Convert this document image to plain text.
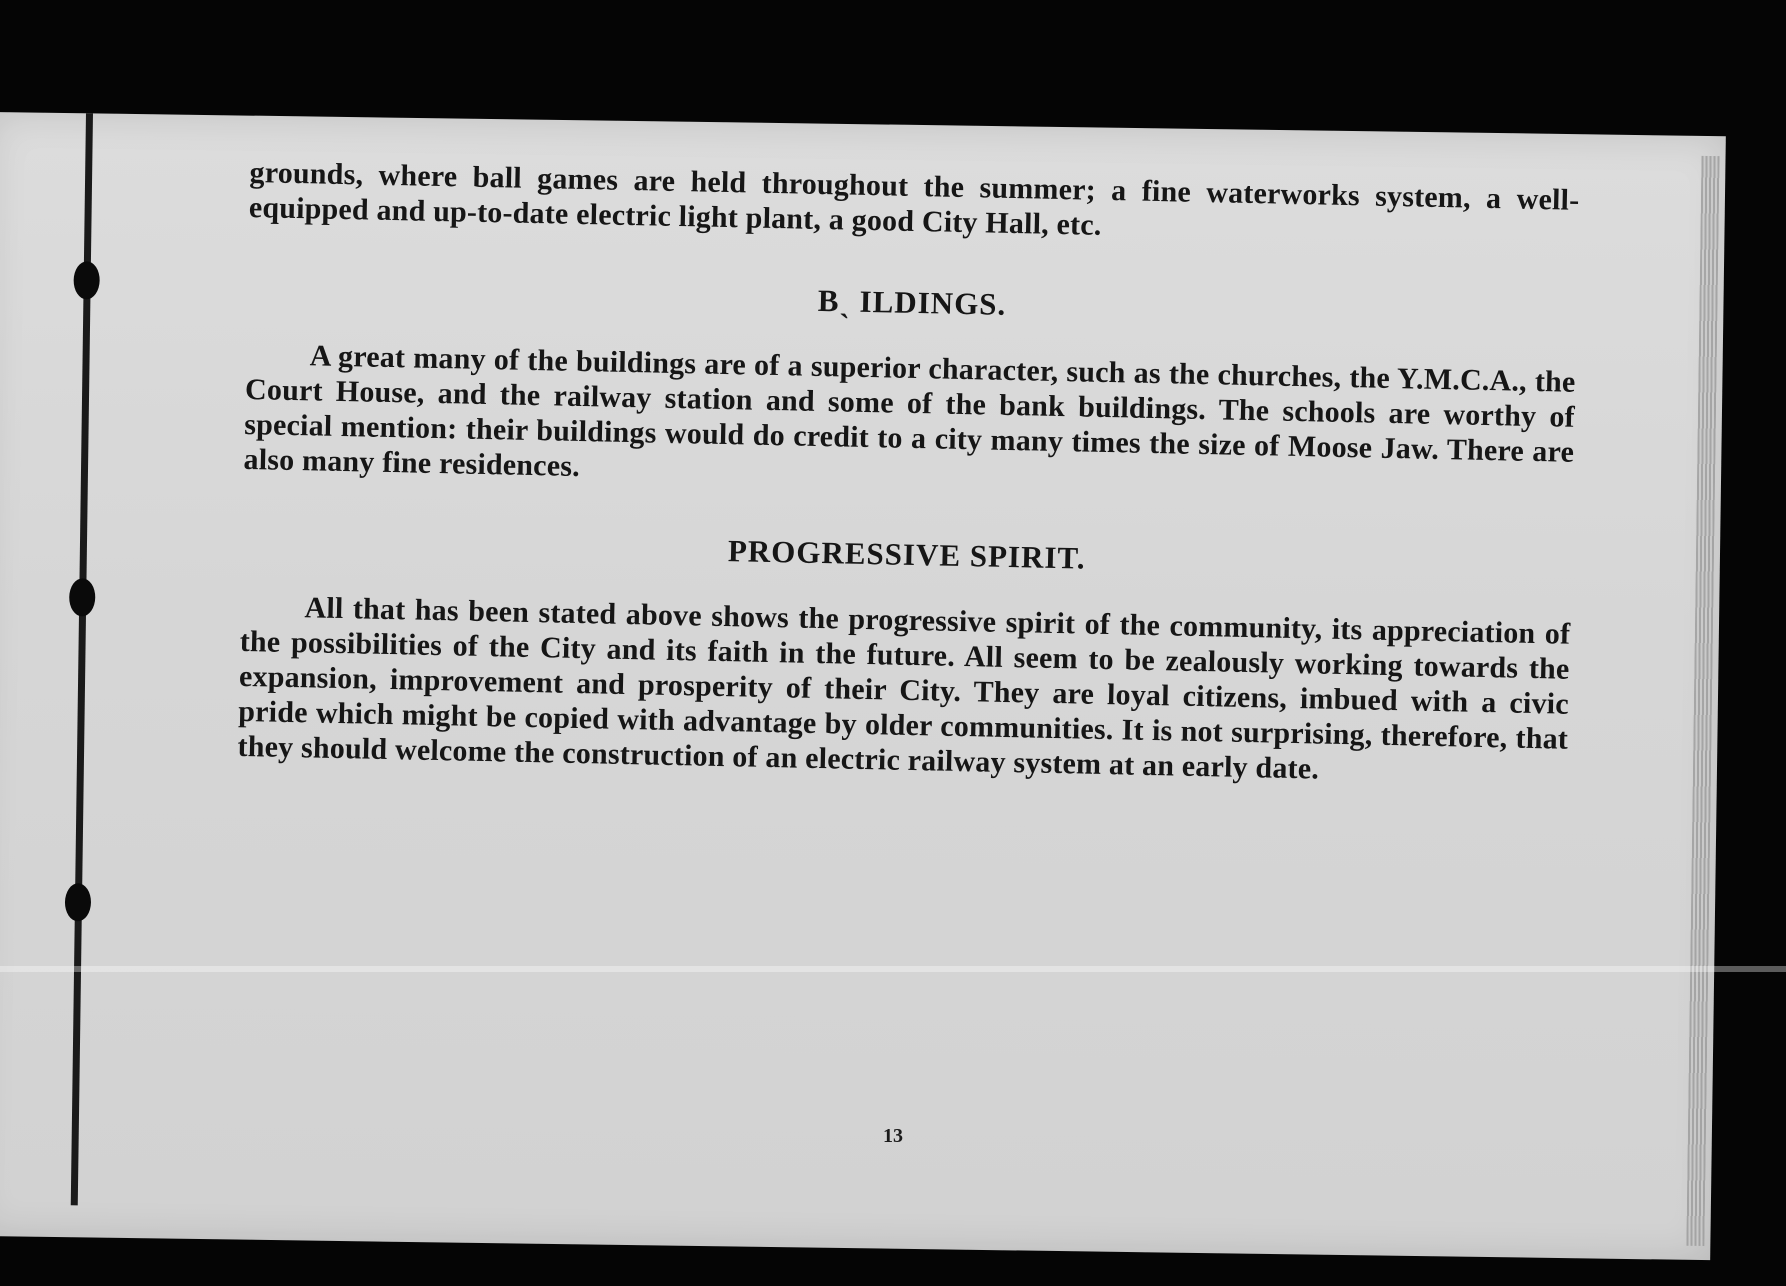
grounds, where ball games are held throughout the summer; a fine waterworks system, a well-equipped and up-to-date electric light plant, a good City Hall, etc.

Bˎ ILDINGS.

A great many of the buildings are of a superior character, such as the churches, the Y.M.C.A., the Court House, and the railway station and some of the bank buildings. The schools are worthy of special mention: their buildings would do credit to a city many times the size of Moose Jaw. There are also many fine residences.

PROGRESSIVE SPIRIT.

All that has been stated above shows the progressive spirit of the community, its appreciation of the possibilities of the City and its faith in the future. All seem to be zealously working towards the expansion, improvement and prosperity of their City. They are loyal citizens, imbued with a civic pride which might be copied with advantage by older communities. It is not surprising, therefore, that they should welcome the construction of an electric railway system at an early date.

13
